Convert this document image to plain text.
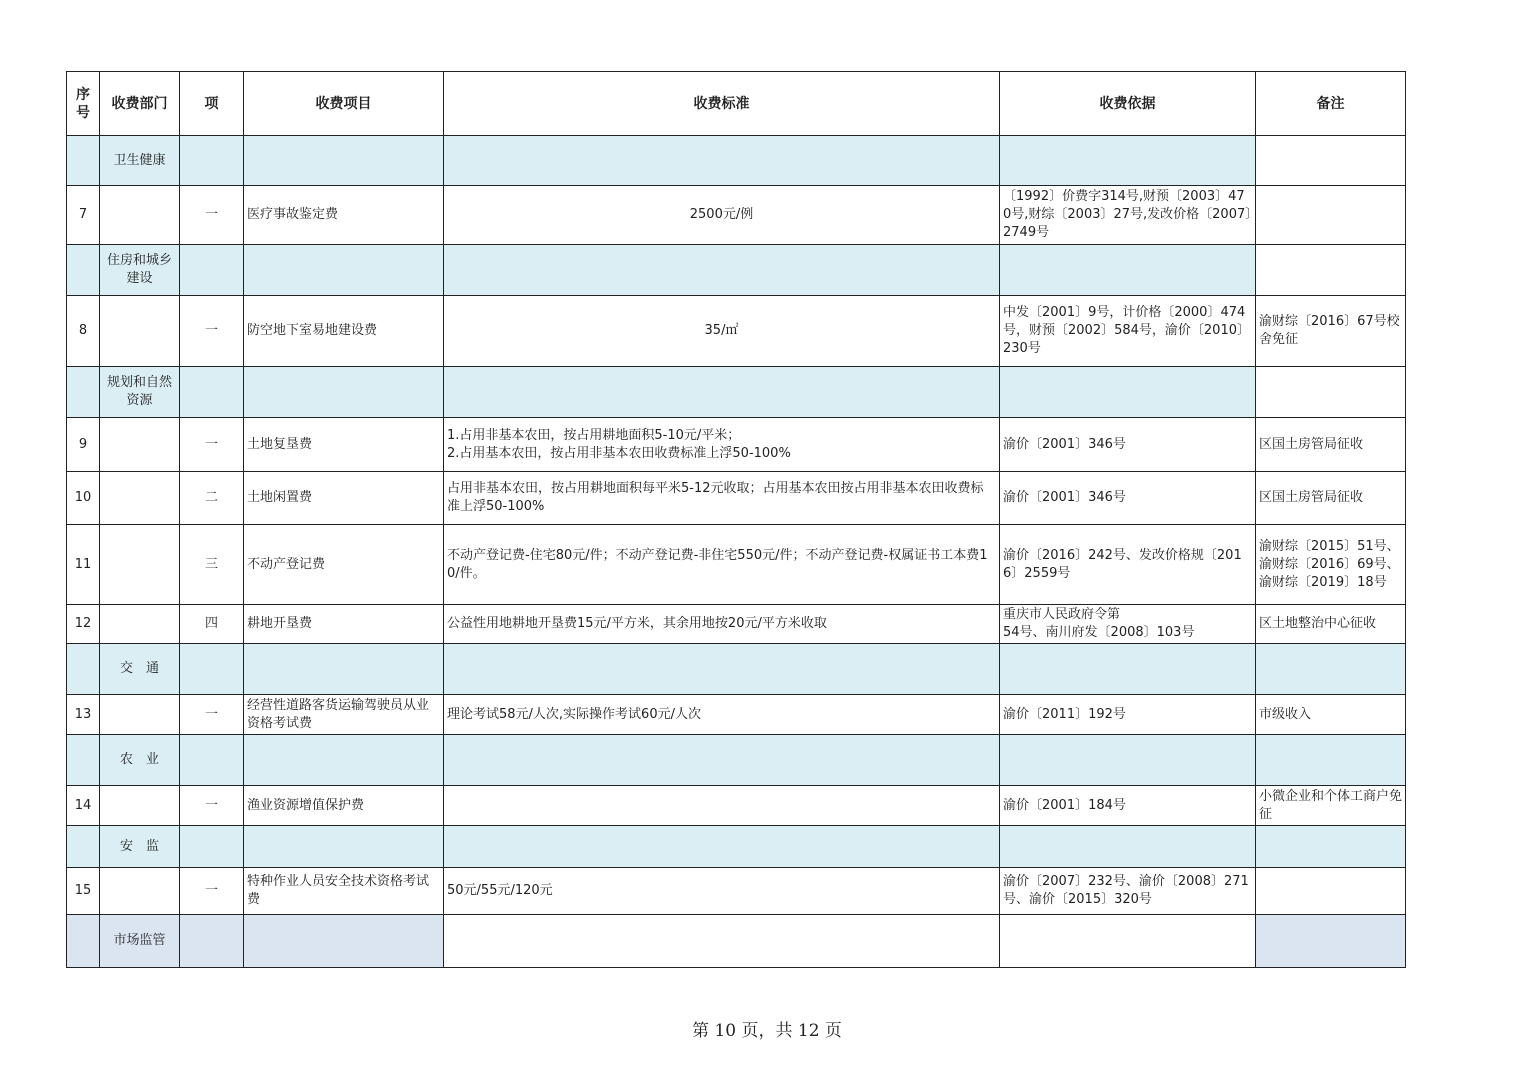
序号	收费部门	项	收费项目	收费标准	收费依据	备注
	卫生健康					
7		一	医疗事故鉴定费	2500元/例	〔1992〕价费字314号,财预〔2003〕470号,财综〔2003〕27号,发改价格〔2007〕2749号	
	住房和城乡建设					
8		一	防空地下室易地建设费	35/㎡	中发〔2001〕9号，计价格〔2000〕474号，财预〔2002〕584号，渝价〔2010〕230号	渝财综〔2016〕67号校舍免征
	规划和自然资源					
9		一	土地复垦费	1.占用非基本农田，按占用耕地面积5-10元/平米；
2.占用基本农田，按占用非基本农田收费标准上浮50-100%	渝价〔2001〕346号	区国土房管局征收
10		二	土地闲置费	占用非基本农田，按占用耕地面积每平米5-12元收取；占用基本农田按占用非基本农田收费标准上浮50-100%	渝价〔2001〕346号	区国土房管局征收
11		三	不动产登记费	不动产登记费-住宅80元/件；不动产登记费-非住宅550元/件；不动产登记费-权属证书工本费10/件。	渝价〔2016〕242号、发改价格规〔2016〕2559号	渝财综〔2015〕51号、渝财综〔2016〕69号、渝财综〔2019〕18号
12		四	耕地开垦费	公益性用地耕地开垦费15元/平方米，其余用地按20元/平方米收取	重庆市人民政府令第
54号、南川府发〔2008〕103号	区土地整治中心征收
	交　通					
13		一	经营性道路客货运输驾驶员从业资格考试费	理论考试58元/人次,实际操作考试60元/人次	渝价〔2011〕192号	市级收入
	农　业					
14		一	渔业资源增值保护费		渝价〔2001〕184号	小微企业和个体工商户免征
	安　监					
15		一	特种作业人员安全技术资格考试费	50元/55元/120元	渝价〔2007〕232号、渝价〔2008〕271号、渝价〔2015〕320号	
	市场监管					
第 10 页，共 12 页
